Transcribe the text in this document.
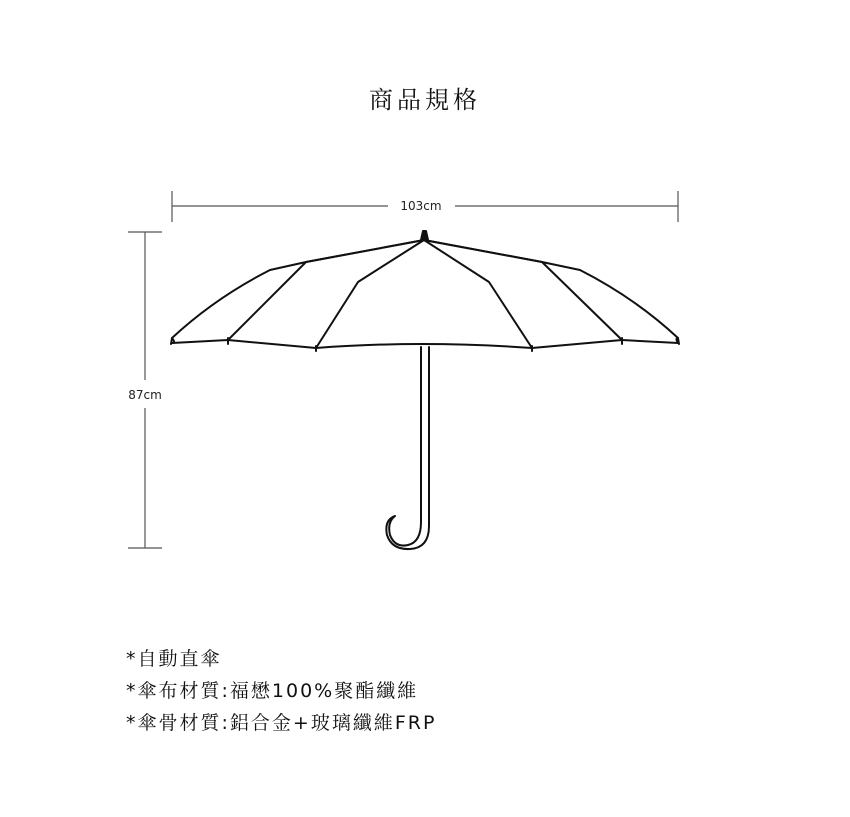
商品規格
103cm
87cm
*自動直傘
*傘布材質:福懋100%聚酯纖維
*傘骨材質:鋁合金+玻璃纖維FRP
